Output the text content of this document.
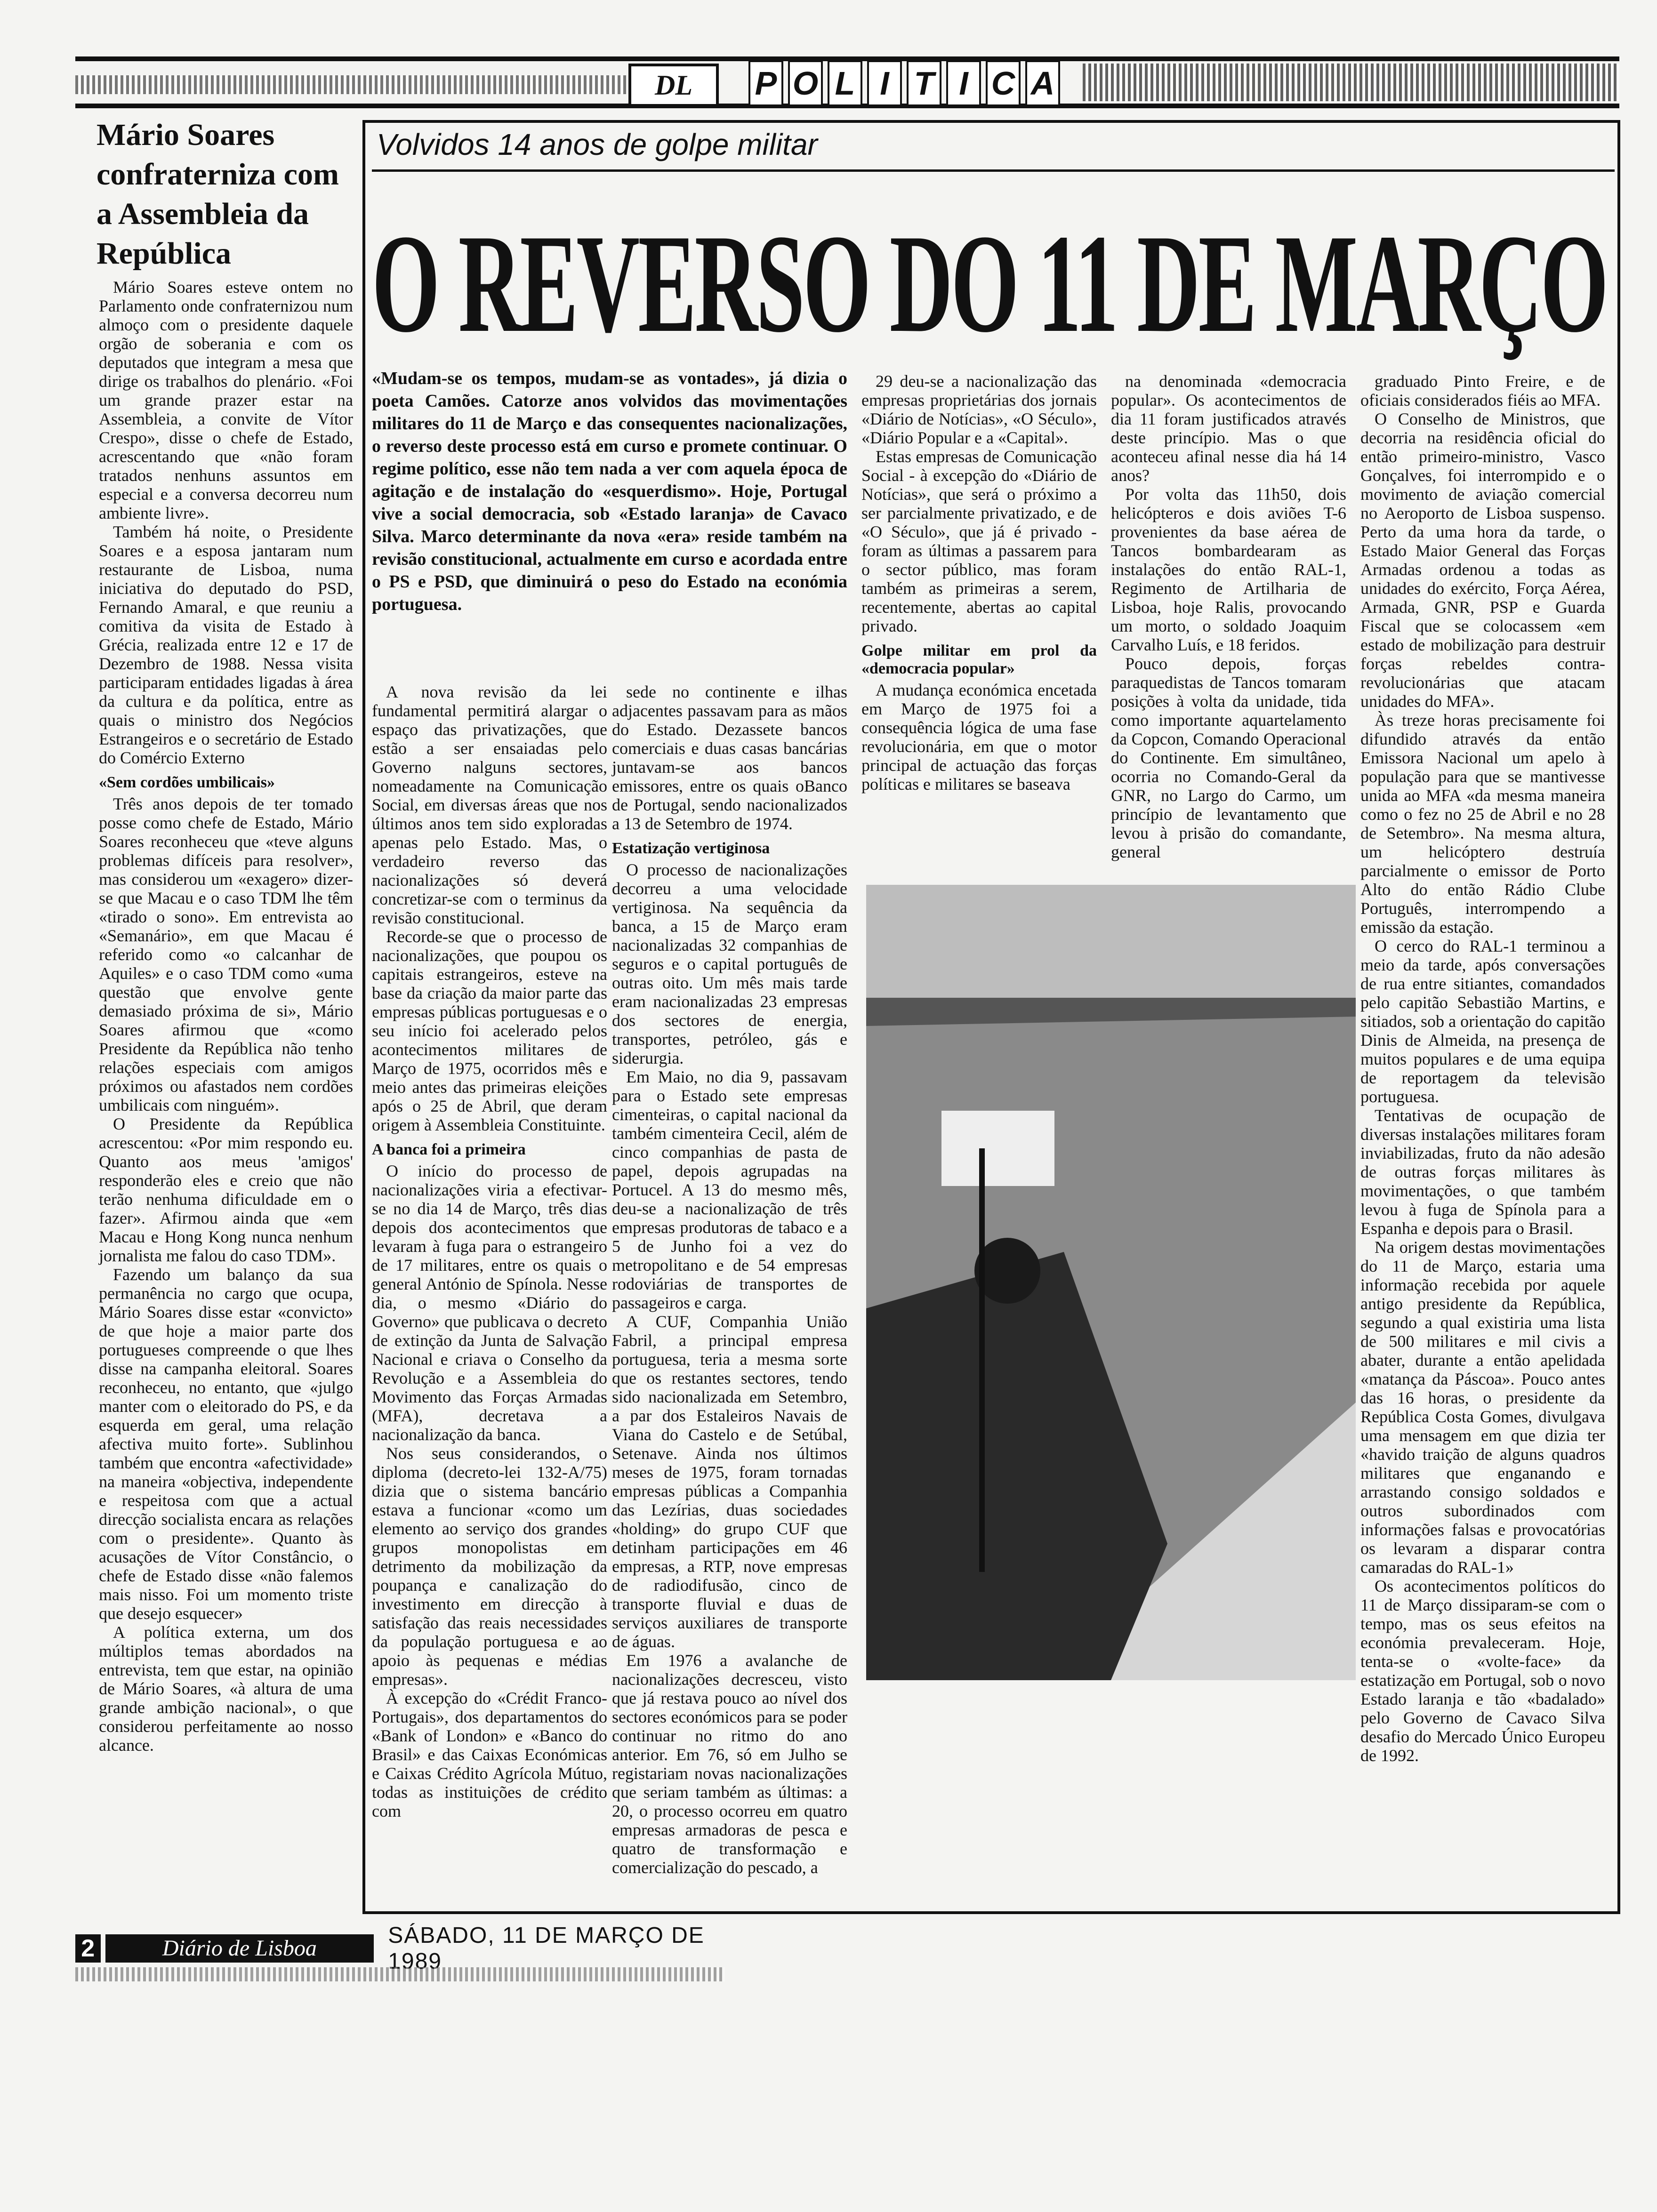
DL	P O L I T I C A
Mário Soares confraterniza com a Assembleia da República

Mário Soares esteve ontem no Parlamento onde confraternizou num almoço com o presidente daquele orgão de soberania e com os deputados que integram a mesa que dirige os trabalhos do plenário. «Foi um grande prazer estar na Assembleia, a convite de Vítor Crespo», disse o chefe de Estado, acrescentando que «não foram tratados nenhuns assuntos em especial e a conversa decorreu num ambiente livre».

Também há noite, o Presidente Soares e a esposa jantaram num restaurante de Lisboa, numa iniciativa do deputado do PSD, Fernando Amaral, e que reuniu a comitiva da visita de Estado à Grécia, realizada entre 12 e 17 de Dezembro de 1988. Nessa visita participaram entidades ligadas à área da cultura e da política, entre as quais o ministro dos Negócios Estrangeiros e o secretário de Estado do Comércio Externo

«Sem cordões umbilicais»

Três anos depois de ter tomado posse como chefe de Estado, Mário Soares reconheceu que «teve alguns problemas difíceis para resolver», mas considerou um «exagero» dizer-se que Macau e o caso TDM lhe têm «tirado o sono». Em entrevista ao «Semanário», em que Macau é referido como «o calcanhar de Aquiles» e o caso TDM como «uma questão que envolve gente demasiado próxima de si», Mário Soares afirmou que «como Presidente da República não tenho relações especiais com amigos próximos ou afastados nem cordões umbilicais com ninguém».

O Presidente da República acrescentou: «Por mim respondo eu. Quanto aos meus 'amigos' responderão eles e creio que não terão nenhuma dificuldade em o fazer». Afirmou ainda que «em Macau e Hong Kong nunca nenhum jornalista me falou do caso TDM».

Fazendo um balanço da sua permanência no cargo que ocupa, Mário Soares disse estar «convicto» de que hoje a maior parte dos portugueses compreende o que lhes disse na campanha eleitoral. Soares reconheceu, no entanto, que «julgo manter com o eleitorado do PS, e da esquerda em geral, uma relação afectiva muito forte». Sublinhou também que encontra «afectividade» na maneira «objectiva, independente e respeitosa com que a actual direcção socialista encara as relações com o presidente». Quanto às acusações de Vítor Constâncio, o chefe de Estado disse «não falemos mais nisso. Foi um momento triste que desejo esquecer»

A política externa, um dos múltiplos temas abordados na entrevista, tem que estar, na opinião de Mário Soares, «à altura de uma grande ambição nacional», o que considerou perfeitamente ao nosso alcance.

Volvidos 14 anos de golpe militar
O REVERSO DO 11 DE MARÇO
«Mudam-se os tempos, mudam-se as vontades», já dizia o poeta Camões. Catorze anos volvidos das movimentações militares do 11 de Março e das consequentes nacionalizações, o reverso deste processo está em curso e promete continuar. O regime político, esse não tem nada a ver com aquela época de agitação e de instalação do «esquerdismo». Hoje, Portugal vive a social democracia, sob «Estado laranja» de Cavaco Silva. Marco determinante da nova «era» reside também na revisão constitucional, actualmente em curso e acordada entre o PS e PSD, que diminuirá o peso do Estado na económia portuguesa.

A nova revisão da lei fundamental permitirá alargar o espaço das privatizações, que estão a ser ensaiadas pelo Governo nalguns sectores, nomeadamente na Comunicação Social, em diversas áreas que nos últimos anos tem sido exploradas apenas pelo Estado. Mas, o verdadeiro reverso das nacionalizações só deverá concretizar-se com o terminus da revisão constitucional.

Recorde-se que o processo de nacionalizações, que poupou os capitais estrangeiros, esteve na base da criação da maior parte das empresas públicas portuguesas e o seu início foi acelerado pelos acontecimentos militares de Março de 1975, ocorridos mês e meio antes das primeiras eleições após o 25 de Abril, que deram origem à Assembleia Constituinte.

A banca foi a primeira

O início do processo de nacionalizações viria a efectivar-se no dia 14 de Março, três dias depois dos acontecimentos que levaram à fuga para o estrangeiro de 17 militares, entre os quais o general António de Spínola. Nesse dia, o mesmo «Diário do Governo» que publicava o decreto de extinção da Junta de Salvação Nacional e criava o Conselho da Revolução e a Assembleia do Movimento das Forças Armadas (MFA), decretava a nacionalização da banca.

Nos seus considerandos, o diploma (decreto-lei 132-A/75) dizia que o sistema bancário estava a funcionar «como um elemento ao serviço dos grandes grupos monopolistas em detrimento da mobilização da poupança e canalização do investimento em direcção à satisfação das reais necessidades da população portuguesa e ao apoio às pequenas e médias empresas».

À excepção do «Crédit Franco-Portugais», dos departamentos do «Bank of London» e «Banco do Brasil» e das Caixas Económicas e Caixas Crédito Agrícola Mútuo, todas as instituições de crédito com

sede no continente e ilhas adjacentes passavam para as mãos do Estado. Dezassete bancos comerciais e duas casas bancárias juntavam-se aos bancos emissores, entre os quais oBanco de Portugal, sendo nacionalizados a 13 de Setembro de 1974.

Estatização vertiginosa

O processo de nacionalizações decorreu a uma velocidade vertiginosa. Na sequência da banca, a 15 de Março eram nacionalizadas 32 companhias de seguros e o capital português de outras oito. Um mês mais tarde eram nacionalizadas 23 empresas dos sectores de energia, transportes, petróleo, gás e siderurgia.

Em Maio, no dia 9, passavam para o Estado sete empresas cimenteiras, o capital nacional da também cimenteira Cecil, além de cinco companhias de pasta de papel, depois agrupadas na Portucel. A 13 do mesmo mês, deu-se a nacionalização de três empresas produtoras de tabaco e a 5 de Junho foi a vez do metropolitano e de 54 empresas rodoviárias de transportes de passageiros e carga.

A CUF, Companhia União Fabril, a principal empresa portuguesa, teria a mesma sorte que os restantes sectores, tendo sido nacionalizada em Setembro, a par dos Estaleiros Navais de Viana do Castelo e de Setúbal, Setenave. Ainda nos últimos meses de 1975, foram tornadas empresas públicas a Companhia das Lezírias, duas sociedades «holding» do grupo CUF que detinham participações em 46 empresas, a RTP, nove empresas de radiodifusão, cinco de transporte fluvial e duas de serviços auxiliares de transporte de águas.

Em 1976 a avalanche de nacionalizações decresceu, visto que já restava pouco ao nível dos sectores económicos para se poder continuar no ritmo do ano anterior. Em 76, só em Julho se registariam novas nacionalizações que seriam também as últimas: a 20, o processo ocorreu em quatro empresas armadoras de pesca e quatro de transformação e comercialização do pescado, a

29 deu-se a nacionalização das empresas proprietárias dos jornais «Diário de Notícias», «O Século», «Diário Popular e a «Capital».

Estas empresas de Comunicação Social - à excepção do «Diário de Notícias», que será o próximo a ser parcialmente privatizado, e de «O Século», que já é privado - foram as últimas a passarem para o sector público, mas foram também as primeiras a serem, recentemente, abertas ao capital privado.

Golpe militar em prol da «democracia popular»

A mudança económica encetada em Março de 1975 foi a consequência lógica de uma fase revolucionária, em que o motor principal de actuação das forças políticas e militares se baseava

na denominada «democracia popular». Os acontecimentos de dia 11 foram justificados através deste princípio. Mas o que aconteceu afinal nesse dia há 14 anos?

Por volta das 11h50, dois helicópteros e dois aviões T-6 provenientes da base aérea de Tancos bombardearam as instalações do então RAL-1, Regimento de Artilharia de Lisboa, hoje Ralis, provocando um morto, o soldado Joaquim Carvalho Luís, e 18 feridos.

Pouco depois, forças paraquedistas de Tancos tomaram posições à volta da unidade, tida como importante aquartelamento da Copcon, Comando Operacional do Continente. Em simultâneo, ocorria no Comando-Geral da GNR, no Largo do Carmo, um princípio de levantamento que levou à prisão do comandante, general

graduado Pinto Freire, e de oficiais considerados fiéis ao MFA.

O Conselho de Ministros, que decorria na residência oficial do então primeiro-ministro, Vasco Gonçalves, foi interrompido e o movimento de aviação comercial no Aeroporto de Lisboa suspenso. Perto da uma hora da tarde, o Estado Maior General das Forças Armadas ordenou a todas as unidades do exército, Força Aérea, Armada, GNR, PSP e Guarda Fiscal que se colocassem «em estado de mobilização para destruir forças rebeldes contra-revolucionárias que atacam unidades do MFA».

Às treze horas precisamente foi difundido através da então Emissora Nacional um apelo à população para que se mantivesse unida ao MFA «da mesma maneira como o fez no 25 de Abril e no 28 de Setembro». Na mesma altura, um helicóptero destruía parcialmente o emissor de Porto Alto do então Rádio Clube Português, interrompendo a emissão da estação.

O cerco do RAL-1 terminou a meio da tarde, após conversações de rua entre sitiantes, comandados pelo capitão Sebastião Martins, e sitiados, sob a orientação do capitão Dinis de Almeida, na presença de muitos populares e de uma equipa de reportagem da televisão portuguesa.

Tentativas de ocupação de diversas instalações militares foram inviabilizadas, fruto da não adesão de outras forças militares às movimentações, o que também levou à fuga de Spínola para a Espanha e depois para o Brasil.

Na origem destas movimentações do 11 de Março, estaria uma informação recebida por aquele antigo presidente da República, segundo a qual existiria uma lista de 500 militares e mil civis a abater, durante a então apelidada «matança da Páscoa». Pouco antes das 16 horas, o presidente da República Costa Gomes, divulgava uma mensagem em que dizia ter «havido traição de alguns quadros militares que enganando e arrastando consigo soldados e outros subordinados com informações falsas e provocatórias os levaram a disparar contra camaradas do RAL-1»

Os acontecimentos políticos do 11 de Março dissiparam-se com o tempo, mas os seus efeitos na económia prevaleceram. Hoje, tenta-se o «volte-face» da estatização em Portugal, sob o novo Estado laranja e tão «badalado» pelo Governo de Cavaco Silva desafio do Mercado Único Europeu de 1992.

2	Diário de Lisboa
SÁBADO, 11 DE MARÇO DE 1989
